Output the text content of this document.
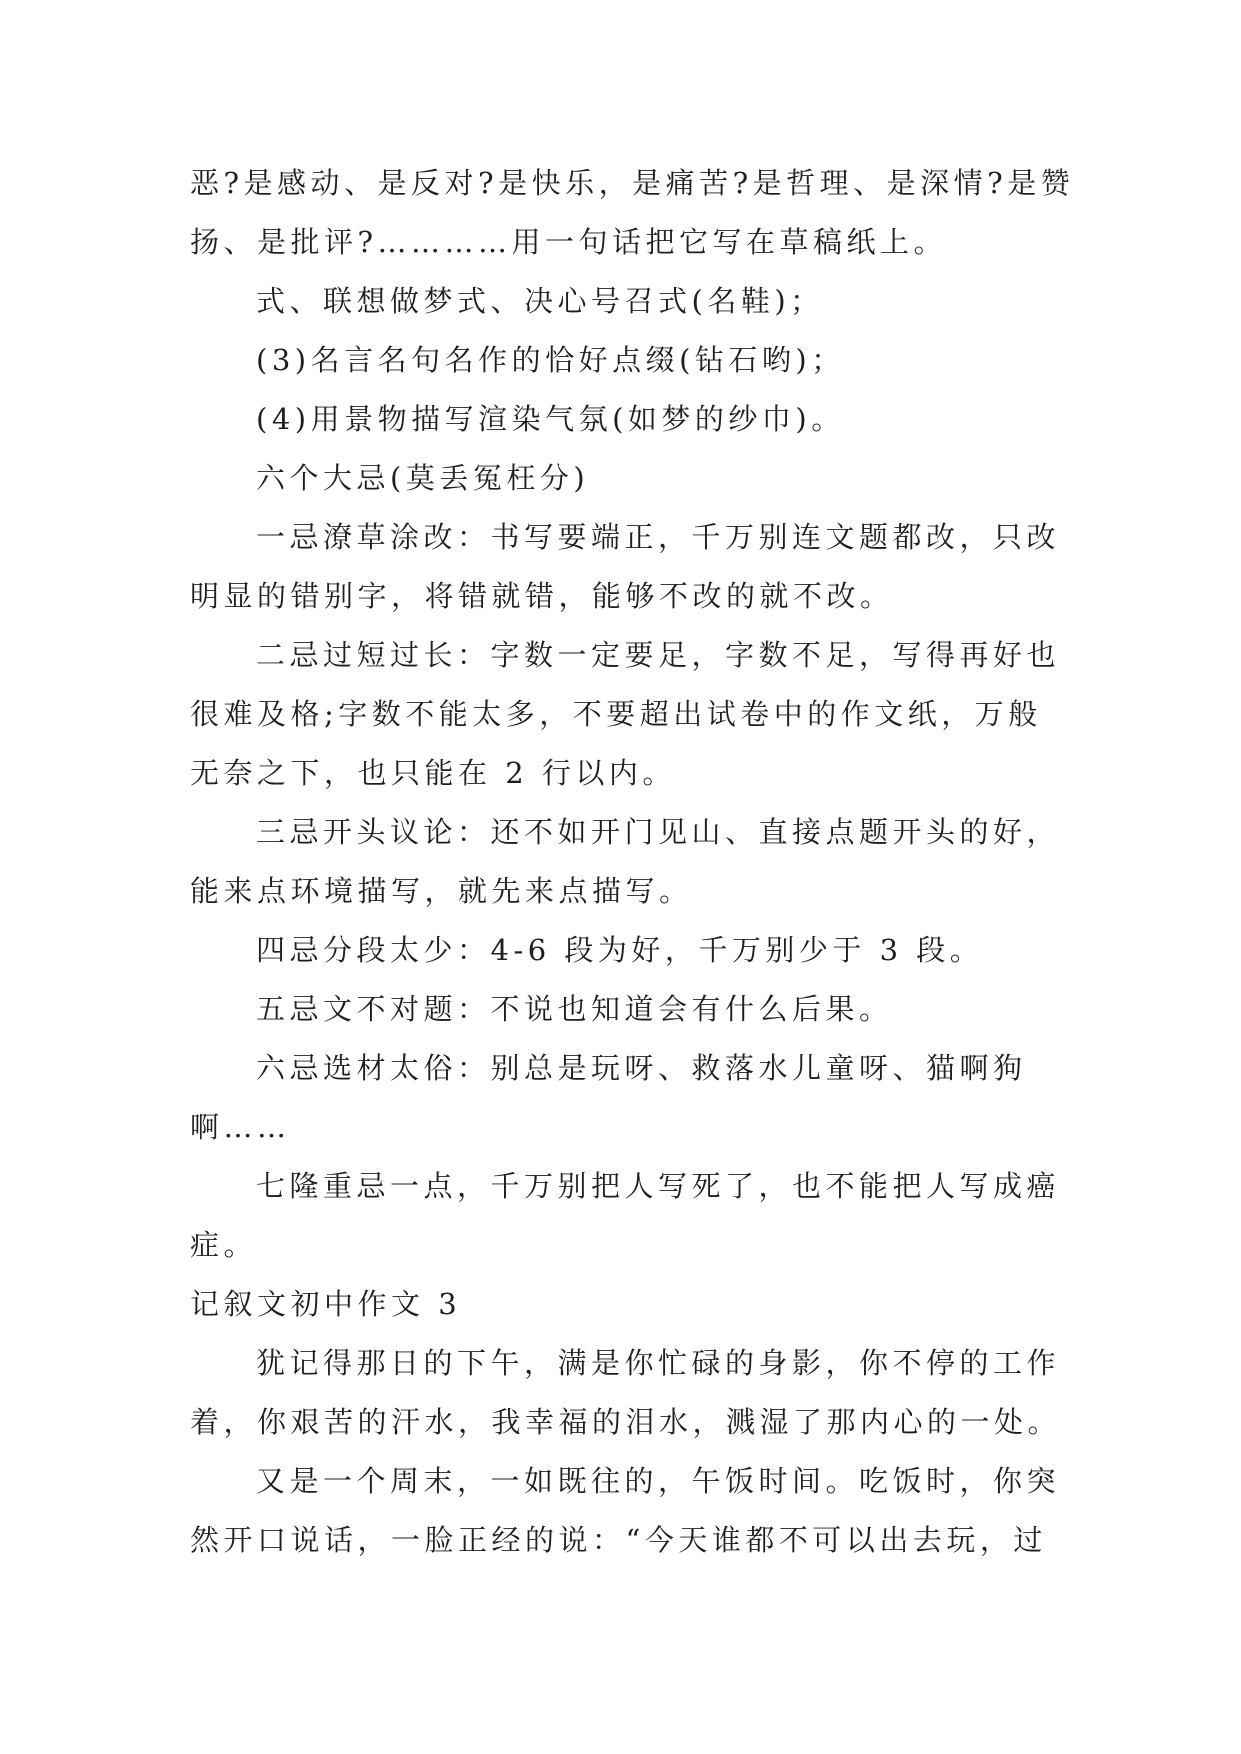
恶?是感动、是反对?是快乐，是痛苦?是哲理、是深情?是赞
扬、是批评?…………用一句话把它写在草稿纸上。
式、联想做梦式、决心号召式(名鞋)；
(3)名言名句名作的恰好点缀(钻石哟)；
(4)用景物描写渲染气氛(如梦的纱巾)。
六个大忌(莫丢冤枉分)
一忌潦草涂改：书写要端正，千万别连文题都改，只改
明显的错别字，将错就错，能够不改的就不改。
二忌过短过长：字数一定要足，字数不足，写得再好也
很难及格;字数不能太多，不要超出试卷中的作文纸，万般
无奈之下，也只能在 2 行以内。
三忌开头议论：还不如开门见山、直接点题开头的好，
能来点环境描写，就先来点描写。
四忌分段太少：4-6 段为好，千万别少于 3 段。
五忌文不对题：不说也知道会有什么后果。
六忌选材太俗：别总是玩呀、救落水儿童呀、猫啊狗
啊……
七隆重忌一点，千万别把人写死了，也不能把人写成癌
症。
记叙文初中作文 3
犹记得那日的下午，满是你忙碌的身影，你不停的工作
着，你艰苦的汗水，我幸福的泪水，溅湿了那内心的一处。
又是一个周末，一如既往的，午饭时间。吃饭时，你突
然开口说话，一脸正经的说：“今天谁都不可以出去玩，过
